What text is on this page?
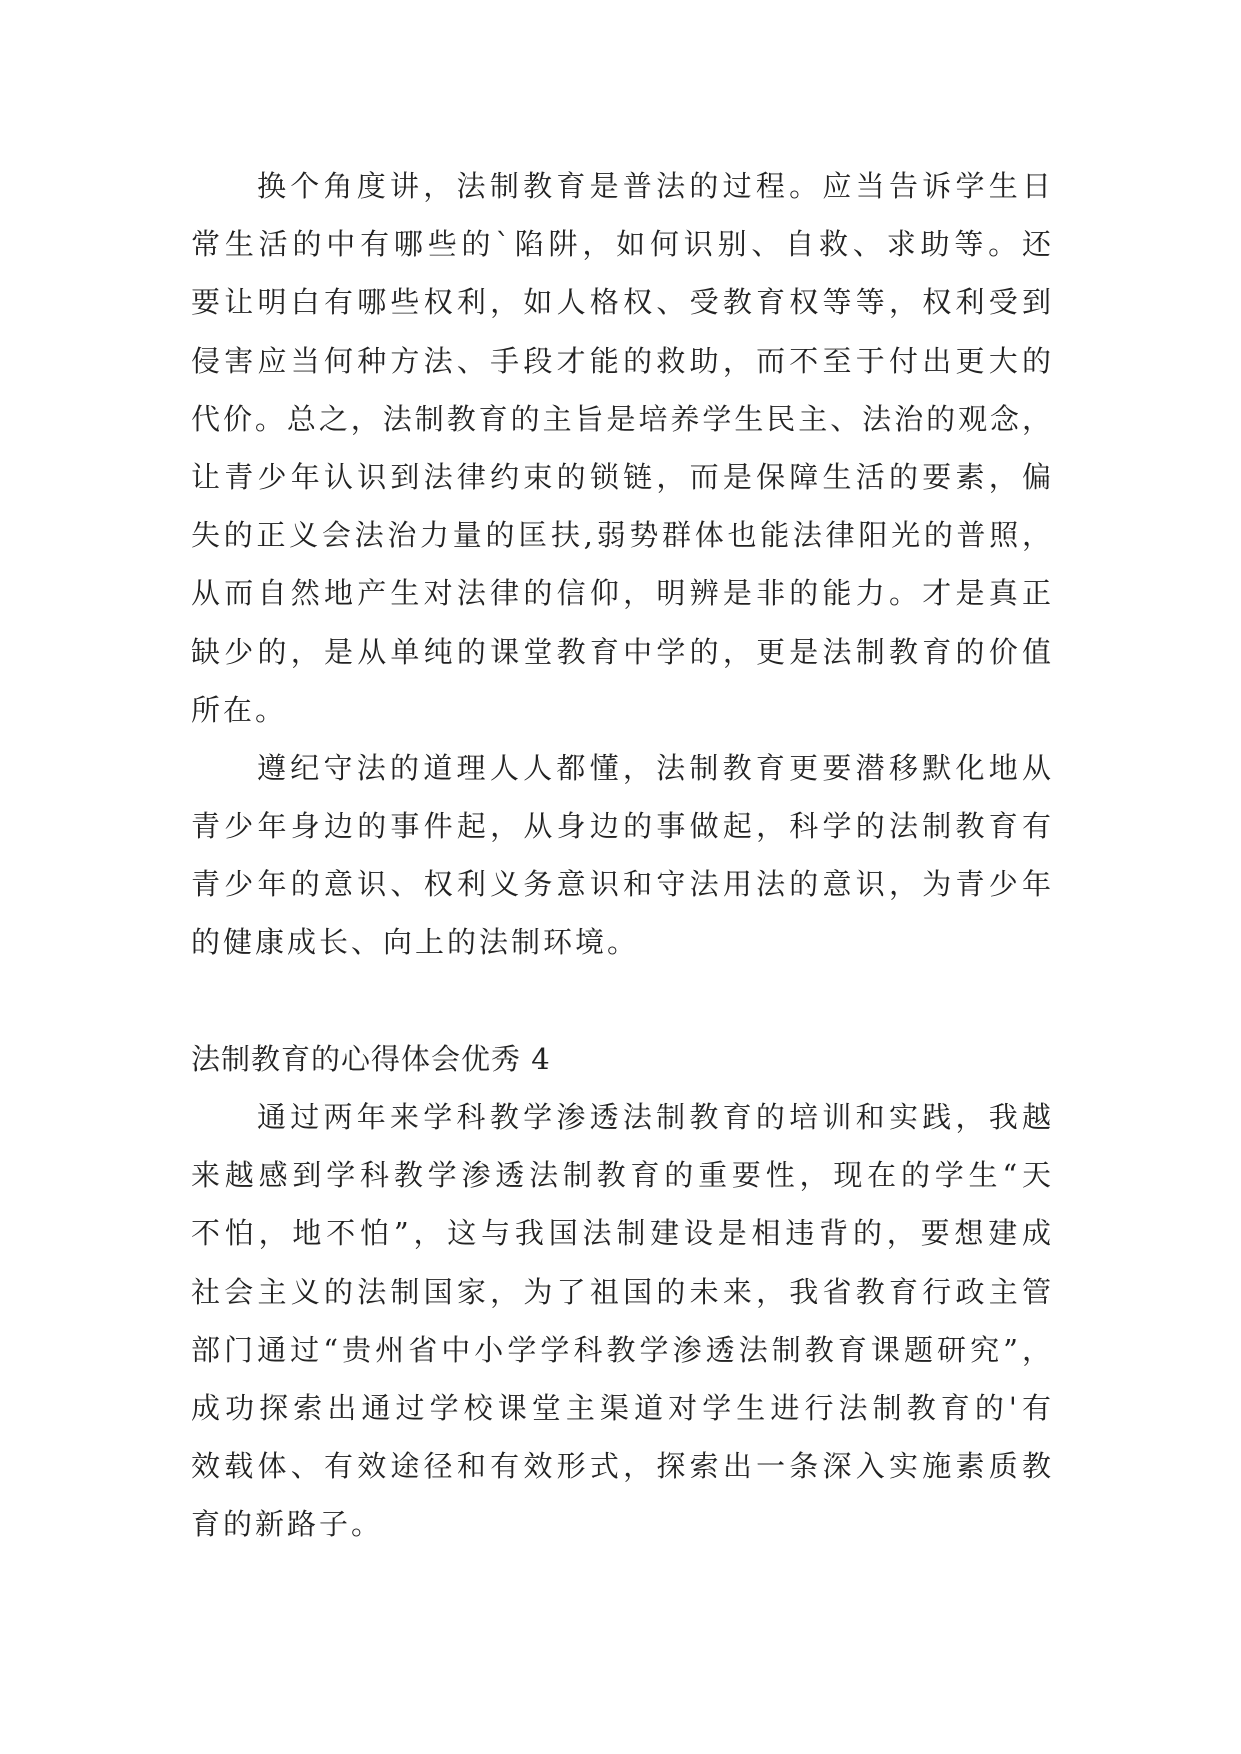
换个角度讲，法制教育是普法的过程。应当告诉学生日
常生活的中有哪些的`陷阱，如何识别、自救、求助等。还
要让明白有哪些权利，如人格权、受教育权等等，权利受到
侵害应当何种方法、手段才能的救助，而不至于付出更大的
代价。总之，法制教育的主旨是培养学生民主、法治的观念，
让青少年认识到法律约束的锁链，而是保障生活的要素，偏
失的正义会法治力量的匡扶,弱势群体也能法律阳光的普照，
从而自然地产生对法律的信仰，明辨是非的能力。才是真正
缺少的，是从单纯的课堂教育中学的，更是法制教育的价值
所在。
遵纪守法的道理人人都懂，法制教育更要潜移默化地从
青少年身边的事件起，从身边的事做起，科学的法制教育有
青少年的意识、权利义务意识和守法用法的意识，为青少年
的健康成长、向上的法制环境。
法制教育的心得体会优秀 4
通过两年来学科教学渗透法制教育的培训和实践，我越
来越感到学科教学渗透法制教育的重要性，现在的学生“天
不怕，地不怕”，这与我国法制建设是相违背的，要想建成
社会主义的法制国家，为了祖国的未来，我省教育行政主管
部门通过“贵州省中小学学科教学渗透法制教育课题研究”，
成功探索出通过学校课堂主渠道对学生进行法制教育的'有
效载体、有效途径和有效形式，探索出一条深入实施素质教
育的新路子。
